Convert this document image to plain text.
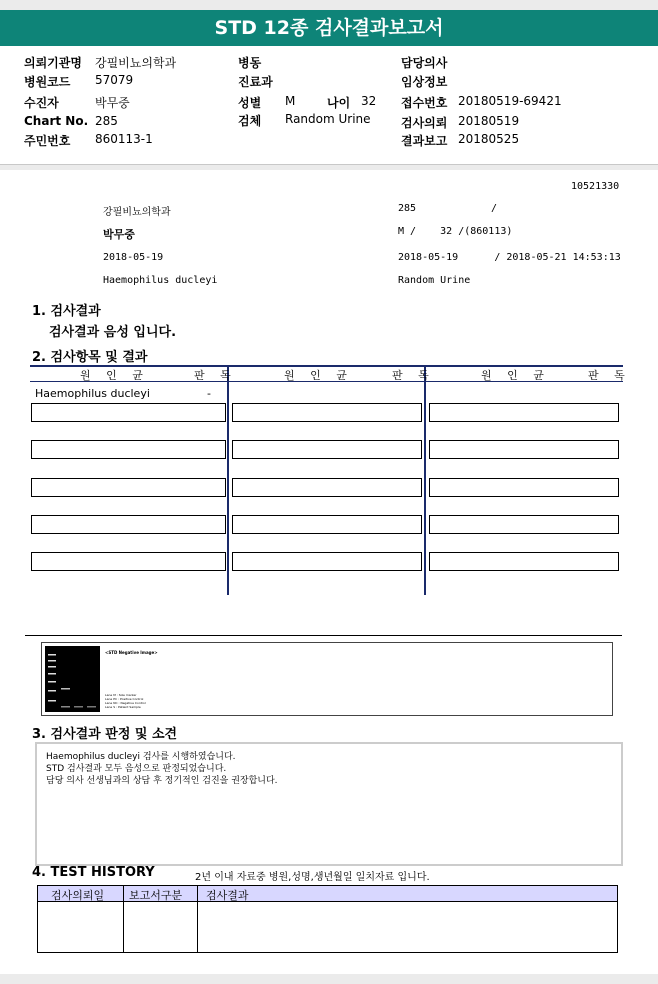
STD 12종 검사결과보고서
의뢰기관명 강필비뇨의학과
병원코드 57079
수진자	박무중
Chart No. 285
주민번호 860113-1
병동
진료과
성별 M	나이 32
검체 Random Urine
담당의사
임상정보
접수번호 20180519-69421
검사의뢰 20180519
결과보고 20180525
10521330
강필비뇨의학과	285	/
박무중	M /    32 /(860113)
2018-05-19	2018-05-19      / 2018-05-21 14:53:13
Haemophilus ducleyi	Random Urine
1. 검사결과
검사결과 음성 입니다.
2. 검사항목 및 결과
원 인 균	판 독	원 인 균	판 독	원 인 균	판 독
Haemophilus ducleyi	-
<STD Negative Image>
Lane M : Size marker
Lane PC : Positive Control
Lane NC : Negative Control
Lane S : Patient Sample
3. 검사결과 판정 및 소견
Haemophilus ducleyi 검사를 시행하였습니다.
STD 검사결과 모두 음성으로 판정되었습니다.
담당 의사 선생님과의 상담 후 정기적인 검진을 권장합니다.
4. TEST HISTORY	2년 이내 자료중 병원,성명,생년월일 일치자료 입니다.
검사의뢰일 보고서구분 검사결과
